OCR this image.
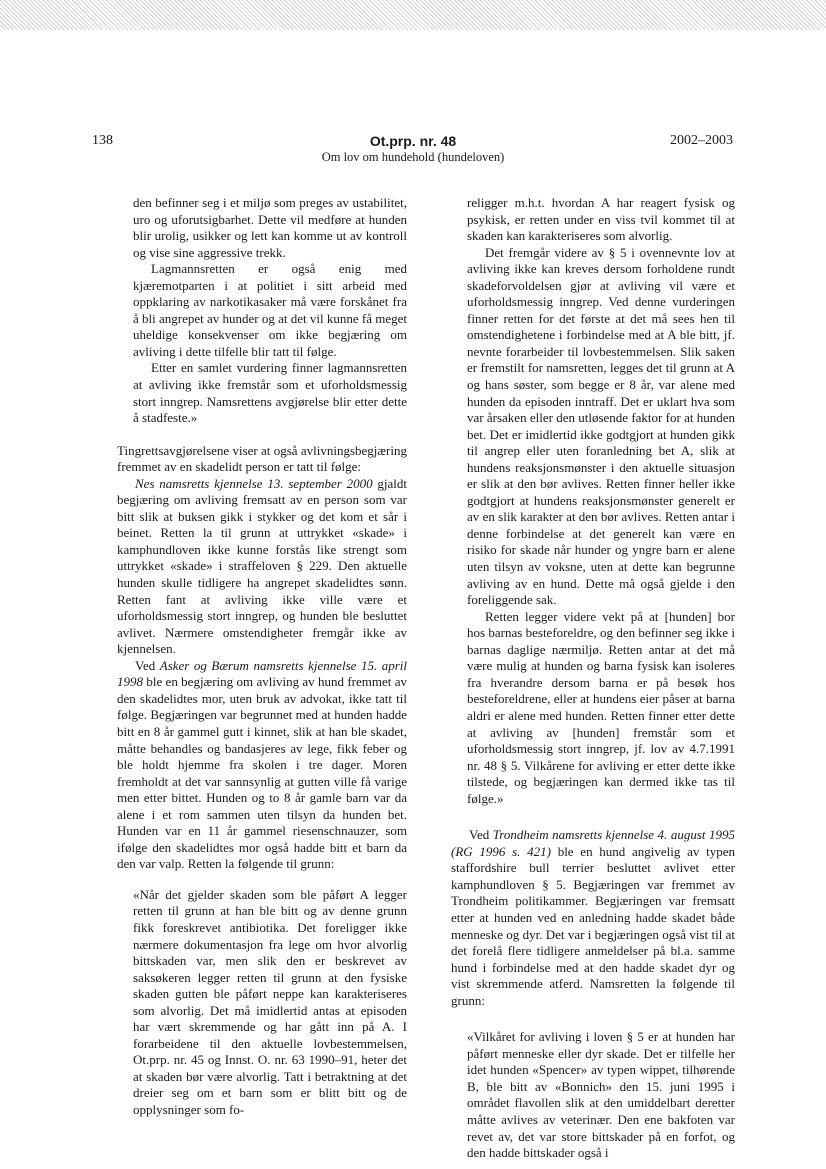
138	Ot.prp. nr. 48	2002–2003
Om lov om hundehold (hundeloven)

den befinner seg i et miljø som preges av ustabilitet, uro og uforutsigbarhet. Dette vil medføre at hunden blir urolig, usikker og lett kan komme ut av kontroll og vise sine aggressive trekk.

Lagmannsretten er også enig med kjæremotparten i at politiet i sitt arbeid med oppklaring av narkotikasaker må være forskånet fra å bli angrepet av hunder og at det vil kunne få meget uheldige konsekvenser om ikke begjæring om avliving i dette tilfelle blir tatt til følge.

Etter en samlet vurdering finner lagmannsretten at avliving ikke fremstår som et uforholdsmessig stort inngrep. Namsrettens avgjørelse blir etter dette å stadfeste.»

Tingrettsavgjørelsene viser at også avlivningsbegjæring fremmet av en skadelidt person er tatt til følge:

Nes namsretts kjennelse 13. september 2000 gjaldt begjæring om avliving fremsatt av en person som var bitt slik at buksen gikk i stykker og det kom et sår i beinet. Retten la til grunn at uttrykket «skade» i kamphundloven ikke kunne forstås like strengt som uttrykket «skade» i straffeloven § 229. Den aktuelle hunden skulle tidligere ha angrepet skadelidtes sønn. Retten fant at avliving ikke ville være et uforholdsmessig stort inngrep, og hunden ble besluttet avlivet. Nærmere omstendigheter fremgår ikke av kjennelsen.

Ved Asker og Bærum namsretts kjennelse 15. april 1998 ble en begjæring om avliving av hund fremmet av den skadelidtes mor, uten bruk av advokat, ikke tatt til følge. Begjæringen var begrunnet med at hunden hadde bitt en 8 år gammel gutt i kinnet, slik at han ble skadet, måtte behandles og bandasjeres av lege, fikk feber og ble holdt hjemme fra skolen i tre dager. Moren fremholdt at det var sannsynlig at gutten ville få varige men etter bittet. Hunden og to 8 år gamle barn var da alene i et rom sammen uten tilsyn da hunden bet. Hunden var en 11 år gammel riesenschnauzer, som ifølge den skadelidtes mor også hadde bitt et barn da den var valp. Retten la følgende til grunn:

«Når det gjelder skaden som ble påført A legger retten til grunn at han ble bitt og av denne grunn fikk foreskrevet antibiotika. Det foreligger ikke nærmere dokumentasjon fra lege om hvor alvorlig bittskaden var, men slik den er beskrevet av saksøkeren legger retten til grunn at den fysiske skaden gutten ble påført neppe kan karakteriseres som alvorlig. Det må imidlertid antas at episoden har vært skremmende og har gått inn på A. I forarbeidene til den aktuelle lovbestemmelsen, Ot.prp. nr. 45 og Innst. O. nr. 63 1990–91, heter det at skaden bør være alvorlig. Tatt i betraktning at det dreier seg om et barn som er blitt bitt og de opplysninger som fo-

religger m.h.t. hvordan A har reagert fysisk og psykisk, er retten under en viss tvil kommet til at skaden kan karakteriseres som alvorlig.

Det fremgår videre av § 5 i ovennevnte lov at avliving ikke kan kreves dersom forholdene rundt skadeforvoldelsen gjør at avliving vil være et uforholdsmessig inngrep. Ved denne vurderingen finner retten for det første at det må sees hen til omstendighetene i forbindelse med at A ble bitt, jf. nevnte forarbeider til lovbestemmelsen. Slik saken er fremstilt for namsretten, legges det til grunn at A og hans søster, som begge er 8 år, var alene med hunden da episoden inntraff. Det er uklart hva som var årsaken eller den utløsende faktor for at hunden bet. Det er imidlertid ikke godtgjort at hunden gikk til angrep eller uten foranledning bet A, slik at hundens reaksjonsmønster i den aktuelle situasjon er slik at den bør avlives. Retten finner heller ikke godtgjort at hundens reaksjonsmønster generelt er av en slik karakter at den bør avlives. Retten antar i denne forbindelse at det generelt kan være en risiko for skade når hunder og yngre barn er alene uten tilsyn av voksne, uten at dette kan begrunne avliving av en hund. Dette må også gjelde i den foreliggende sak.

Retten legger videre vekt på at [hunden] bor hos barnas besteforeldre, og den befinner seg ikke i barnas daglige nærmiljø. Retten antar at det må være mulig at hunden og barna fysisk kan isoleres fra hverandre dersom barna er på besøk hos besteforeldrene, eller at hundens eier påser at barna aldri er alene med hunden. Retten finner etter dette at avliving av [hunden] fremstår som et uforholdsmessig stort inngrep, jf. lov av 4.7.1991 nr. 48 § 5. Vilkårene for avliving er etter dette ikke tilstede, og begjæringen kan dermed ikke tas til følge.»

Ved Trondheim namsretts kjennelse 4. august 1995 (RG 1996 s. 421) ble en hund angivelig av typen staffordshire bull terrier besluttet avlivet etter kamphundloven § 5. Begjæringen var fremmet av Trondheim politikammer. Begjæringen var fremsatt etter at hunden ved en anledning hadde skadet både menneske og dyr. Det var i begjæringen også vist til at det forelå flere tidligere anmeldelser på bl.a. samme hund i forbindelse med at den hadde skadet dyr og vist skremmende atferd. Namsretten la følgende til grunn:

«Vilkåret for avliving i loven § 5 er at hunden har påført menneske eller dyr skade. Det er tilfelle her idet hunden «Spencer» av typen wippet, tilhørende B, ble bitt av «Bonnich» den 15. juni 1995 i området flavollen slik at den umiddelbart deretter måtte avlives av veterinær. Den ene bakfoten var revet av, det var store bittskader på en forfot, og den hadde bittskader også i
